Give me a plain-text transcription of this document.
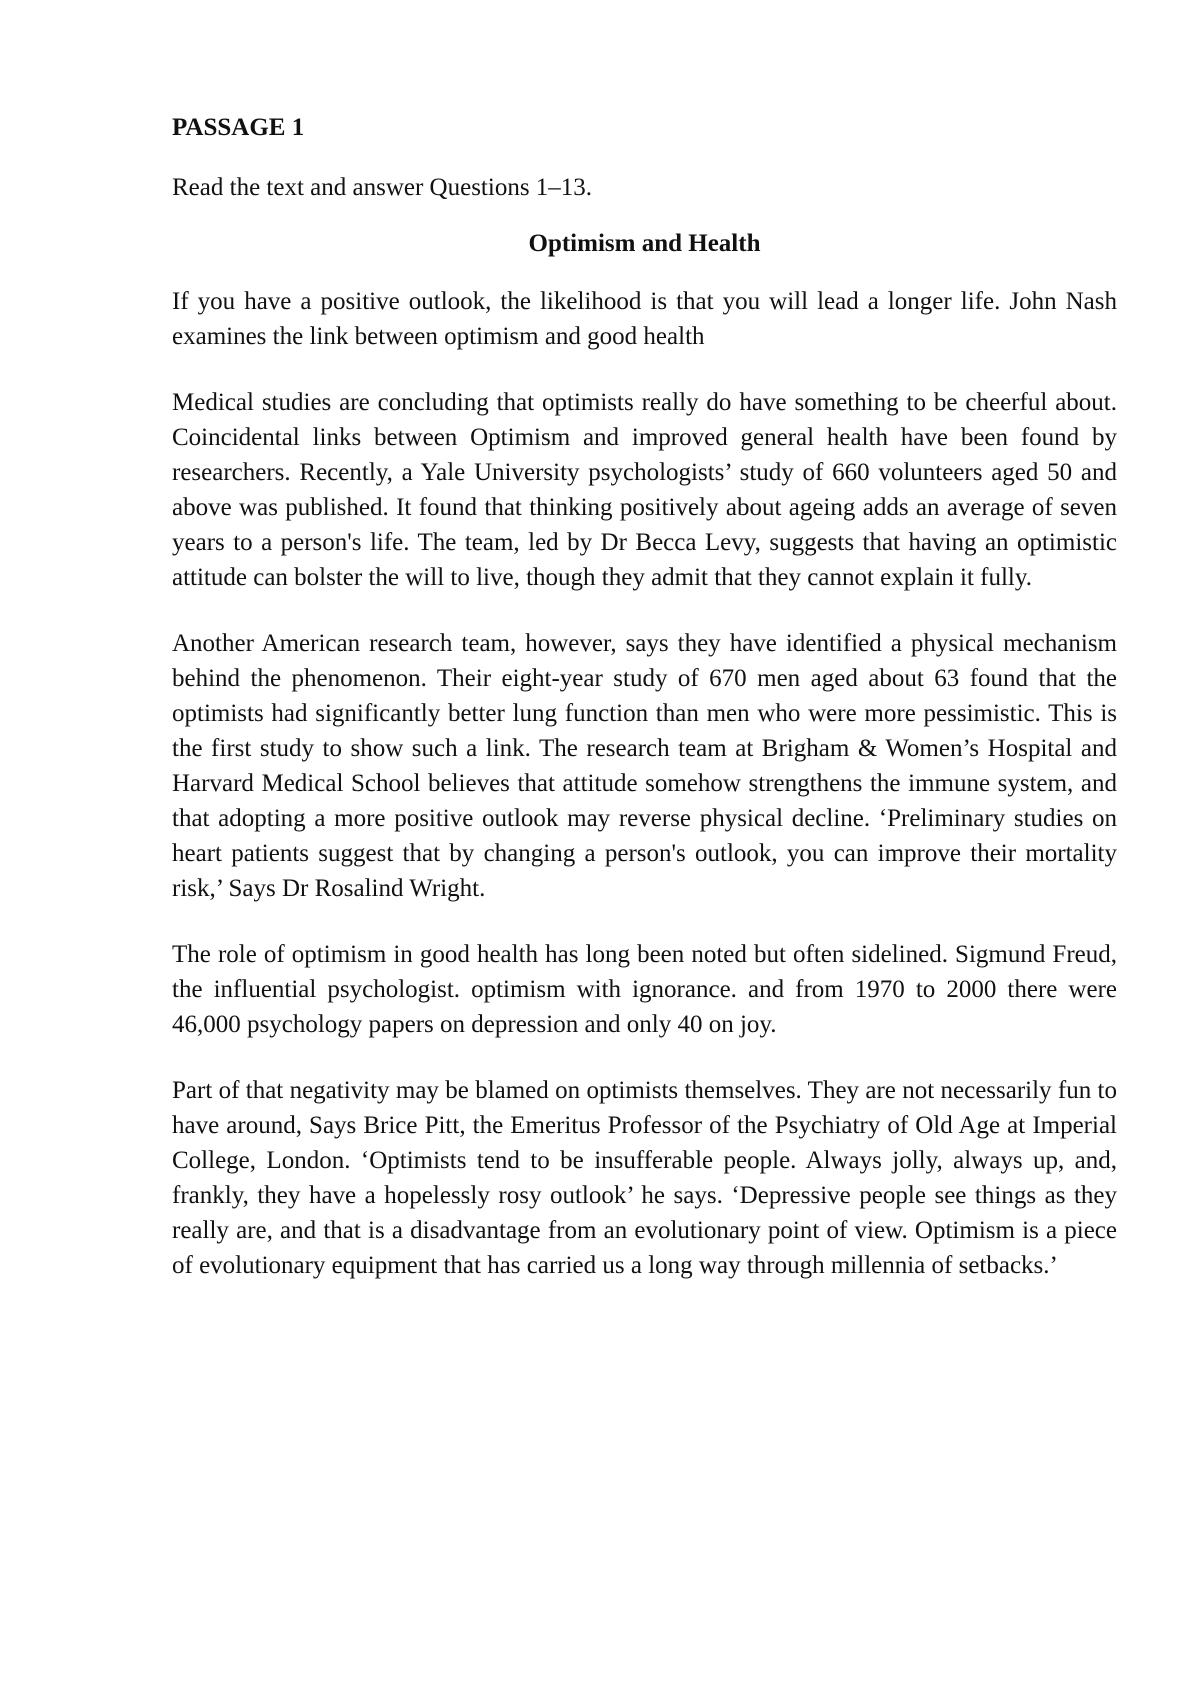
PASSAGE 1
Read the text and answer Questions 1–13.
Optimism and Health

If you have a positive outlook, the likelihood is that you will lead a longer life. John Nash examines the link between optimism and good health

Medical studies are concluding that optimists really do have something to be cheerful about. Coincidental links between Optimism and improved general health have been found by researchers. Recently, a Yale University psychologists’ study of 660 volunteers aged 50 and above was published. It found that thinking positively about ageing adds an average of seven years to a person's life. The team, led by Dr Becca Levy, suggests that having an optimistic attitude can bolster the will to live, though they admit that they cannot explain it fully.

Another American research team, however, says they have identified a physical mechanism behind the phenomenon. Their eight-year study of 670 men aged about 63 found that the optimists had significantly better lung function than men who were more pessimistic. This is the first study to show such a link. The research team at Brigham & Women’s Hospital and Harvard Medical School believes that attitude somehow strengthens the immune system, and that adopting a more positive outlook may reverse physical decline. ‘Preliminary studies on heart patients suggest that by changing a person's outlook, you can improve their mortality risk,’ Says Dr Rosalind Wright.

The role of optimism in good health has long been noted but often sidelined. Sigmund Freud, the influential psychologist. optimism with ignorance. and from 1970 to 2000 there were 46,000 psychology papers on depression and only 40 on joy.

Part of that negativity may be blamed on optimists themselves. They are not necessarily fun to have around, Says Brice Pitt, the Emeritus Professor of the Psychiatry of Old Age at Imperial College, London. ‘Optimists tend to be insufferable people. Always jolly, always up, and, frankly, they have a hopelessly rosy outlook’ he says. ‘Depressive people see things as they really are, and that is a disadvantage from an evolutionary point of view. Optimism is a piece of evolutionary equipment that has carried us a long way through millennia of setbacks.’
